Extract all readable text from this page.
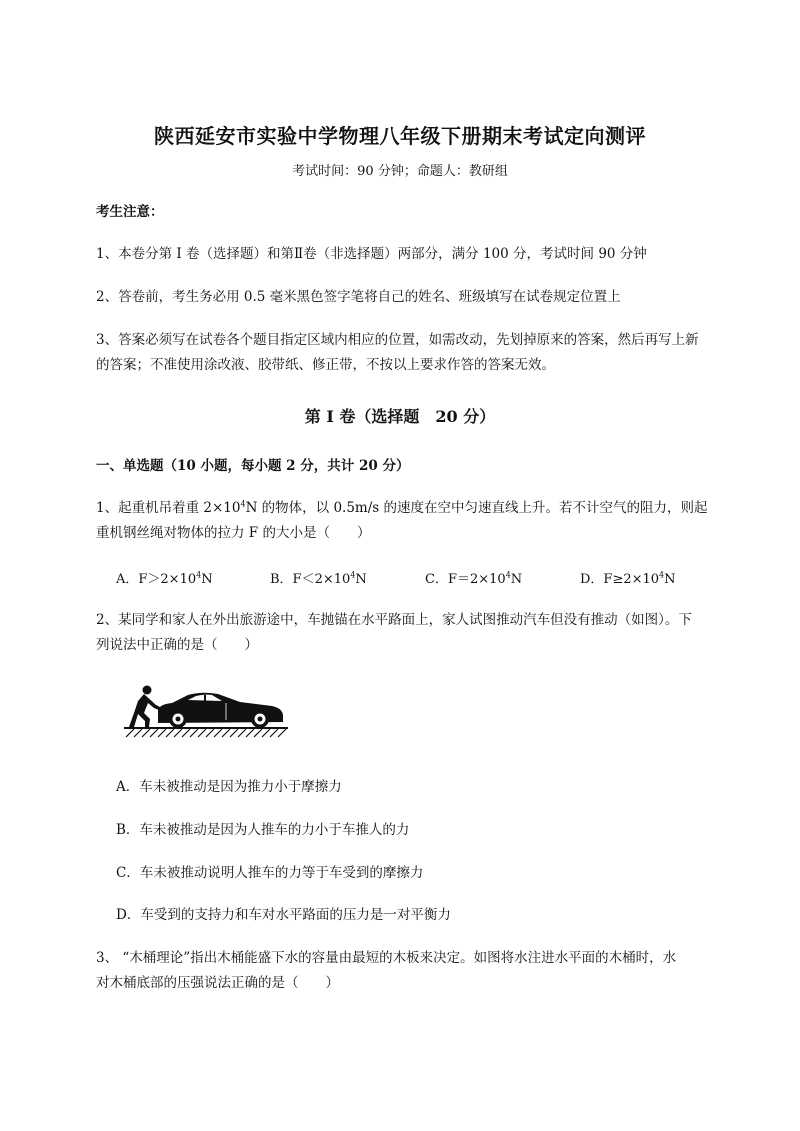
陕西延安市实验中学物理八年级下册期末考试定向测评
考试时间：90 分钟；命题人：教研组
考生注意：
1、本卷分第 I 卷（选择题）和第Ⅱ卷（非选择题）两部分，满分 100 分，考试时间 90 分钟
2、答卷前，考生务必用 0.5 毫米黑色签字笔将自己的姓名、班级填写在试卷规定位置上
3、答案必须写在试卷各个题目指定区域内相应的位置，如需改动，先划掉原来的答案，然后再写上新
的答案；不准使用涂改液、胶带纸、修正带，不按以上要求作答的答案无效。
第 I 卷（选择题　20 分）
一、单选题（10 小题，每小题 2 分，共计 20 分）
1、起重机吊着重 $2\times 10^4N$ 的物体，以 0.5m/s 的速度在空中匀速直线上升。若不计空气的阻力，则起
重机钢丝绳对物体的拉力 F 的大小是（　　）
A．$F>2\times 10^4N$	B．$F<2\times 10^4N$	C．$F=2\times 10^4N$	D．$F\ge 2\times 10^4N$
2、某同学和家人在外出旅游途中，车抛锚在水平路面上，家人试图推动汽车但没有推动（如图）。下
列说法中正确的是（　　）
A．车未被推动是因为推力小于摩擦力
B．车未被推动是因为人推车的力小于车推人的力
C．车未被推动说明人推车的力等于车受到的摩擦力
D．车受到的支持力和车对水平路面的压力是一对平衡力
3、 “木桶理论”指出木桶能盛下水的容量由最短的木板来决定。如图将水注进水平面的木桶时，水
对木桶底部的压强说法正确的是（　　）
